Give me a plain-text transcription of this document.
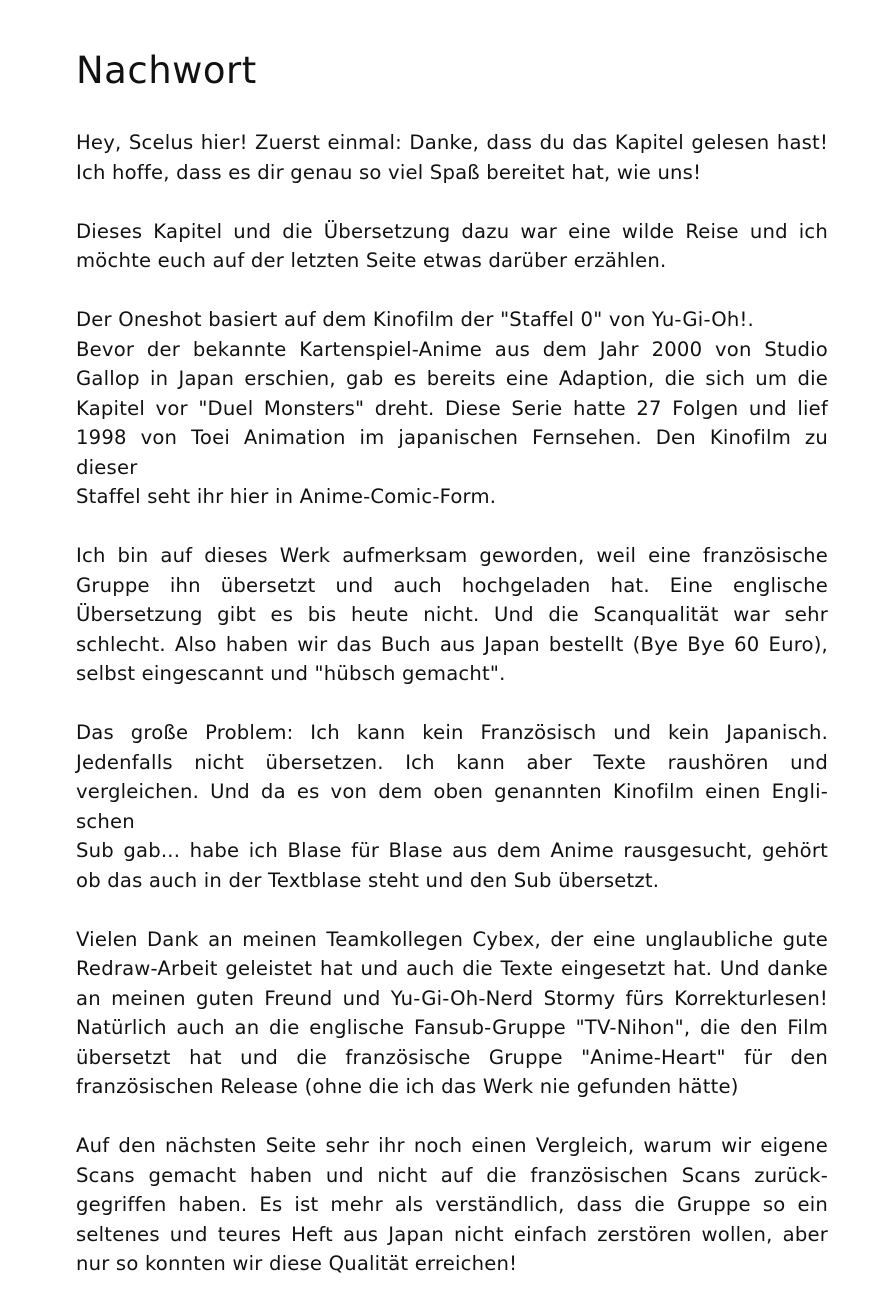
Nachwort
Hey, Scelus hier! Zuerst einmal: Danke, dass du das Kapitel gelesen hast!
Ich hoffe, dass es dir genau so viel Spaß bereitet hat, wie uns!
Dieses Kapitel und die Übersetzung dazu war eine wilde Reise und ich
möchte euch auf der letzten Seite etwas darüber erzählen.
Der Oneshot basiert auf dem Kinofilm der "Staffel 0" von Yu-Gi-Oh!.
Bevor der bekannte Kartenspiel-Anime aus dem Jahr 2000 von Studio
Gallop in Japan erschien, gab es bereits eine Adaption, die sich um die
Kapitel vor "Duel Monsters" dreht. Diese Serie hatte 27 Folgen und lief
1998 von Toei Animation im japanischen Fernsehen. Den Kinofilm zu dieser
Staffel seht ihr hier in Anime-Comic-Form.
Ich bin auf dieses Werk aufmerksam geworden, weil eine französische
Gruppe ihn übersetzt und auch hochgeladen hat. Eine englische
Übersetzung gibt es bis heute nicht. Und die Scanqualität war sehr
schlecht. Also haben wir das Buch aus Japan bestellt (Bye Bye 60 Euro),
selbst eingescannt und "hübsch gemacht".
Das große Problem: Ich kann kein Französisch und kein Japanisch.
Jedenfalls nicht übersetzen. Ich kann aber Texte raushören und
vergleichen. Und da es von dem oben genannten Kinofilm einen Engli-schen
Sub gab... habe ich Blase für Blase aus dem Anime rausgesucht, gehört
ob das auch in der Textblase steht und den Sub übersetzt.
Vielen Dank an meinen Teamkollegen Cybex, der eine unglaubliche gute
Redraw-Arbeit geleistet hat und auch die Texte eingesetzt hat. Und danke
an meinen guten Freund und Yu-Gi-Oh-Nerd Stormy fürs Korrekturlesen!
Natürlich auch an die englische Fansub-Gruppe "TV-Nihon", die den Film
übersetzt hat und die französische Gruppe "Anime-Heart" für den
französischen Release (ohne die ich das Werk nie gefunden hätte)
Auf den nächsten Seite sehr ihr noch einen Vergleich, warum wir eigene
Scans gemacht haben und nicht auf die französischen Scans zurück-
gegriffen haben. Es ist mehr als verständlich, dass die Gruppe so ein
seltenes und teures Heft aus Japan nicht einfach zerstören wollen, aber
nur so konnten wir diese Qualität erreichen!
